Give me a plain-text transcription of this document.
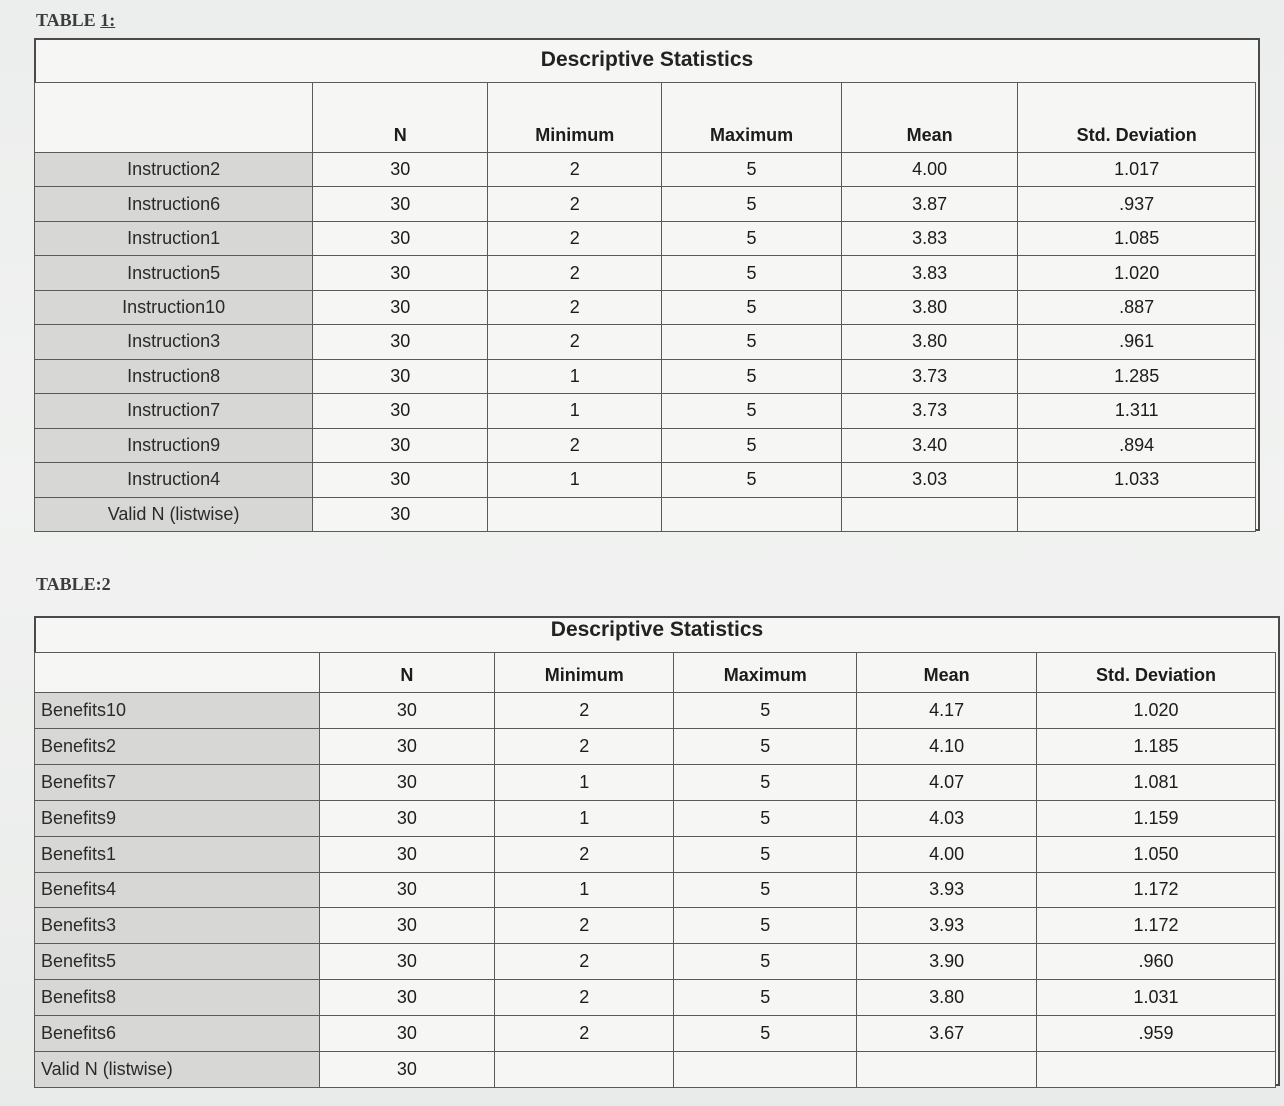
TABLE 1:
Descriptive Statistics
	N	Minimum	Maximum	Mean	Std. Deviation
Instruction2	30	2	5	4.00	1.017
Instruction6	30	2	5	3.87	.937
Instruction1	30	2	5	3.83	1.085
Instruction5	30	2	5	3.83	1.020
Instruction10	30	2	5	3.80	.887
Instruction3	30	2	5	3.80	.961
Instruction8	30	1	5	3.73	1.285
Instruction7	30	1	5	3.73	1.311
Instruction9	30	2	5	3.40	.894
Instruction4	30	1	5	3.03	1.033
Valid N (listwise)	30				
TABLE:2
Descriptive Statistics
	N	Minimum	Maximum	Mean	Std. Deviation
Benefits10	30	2	5	4.17	1.020
Benefits2	30	2	5	4.10	1.185
Benefits7	30	1	5	4.07	1.081
Benefits9	30	1	5	4.03	1.159
Benefits1	30	2	5	4.00	1.050
Benefits4	30	1	5	3.93	1.172
Benefits3	30	2	5	3.93	1.172
Benefits5	30	2	5	3.90	.960
Benefits8	30	2	5	3.80	1.031
Benefits6	30	2	5	3.67	.959
Valid N (listwise)	30				
